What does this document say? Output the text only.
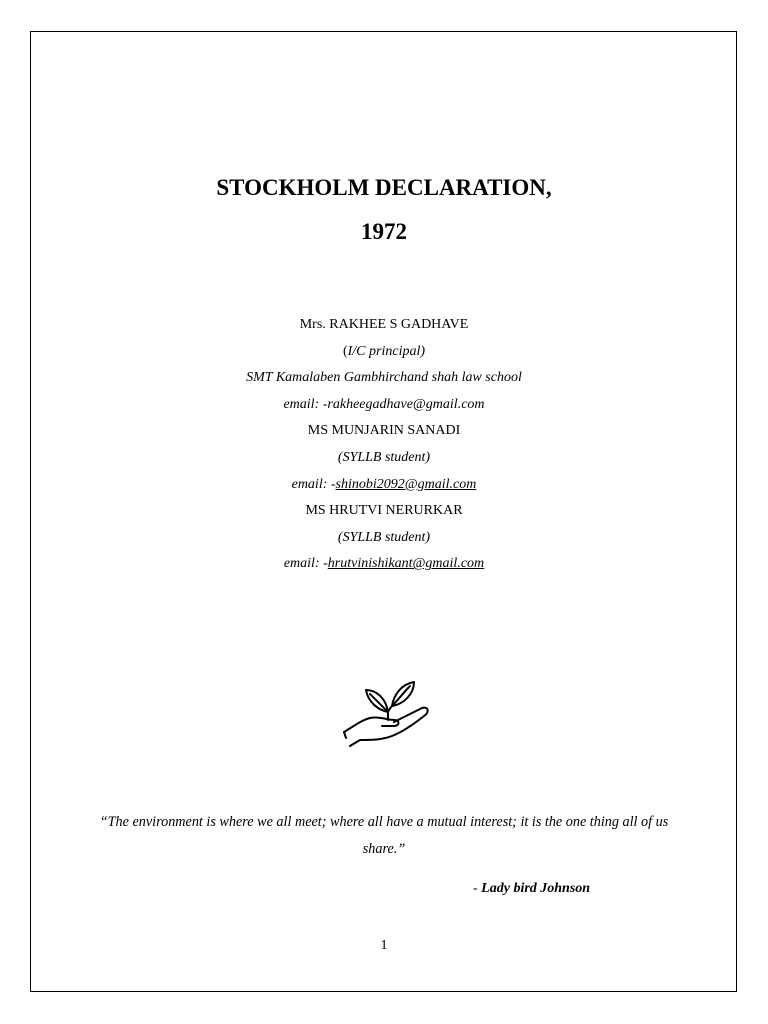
STOCKHOLM DECLARATION,
1972
Mrs. RAKHEE S GADHAVE
(I/C principal)
SMT Kamalaben Gambhirchand shah law school
email: -rakheegadhave@gmail.com
MS MUNJARIN SANADI
(SYLLB student)
email: -shinobi2092@gmail.com
MS HRUTVI NERURKAR
(SYLLB student)
email: -hrutvinishikant@gmail.com
“The environment is where we all meet; where all have a mutual interest; it is the one thing all of us share.”
- Lady bird Johnson
1
